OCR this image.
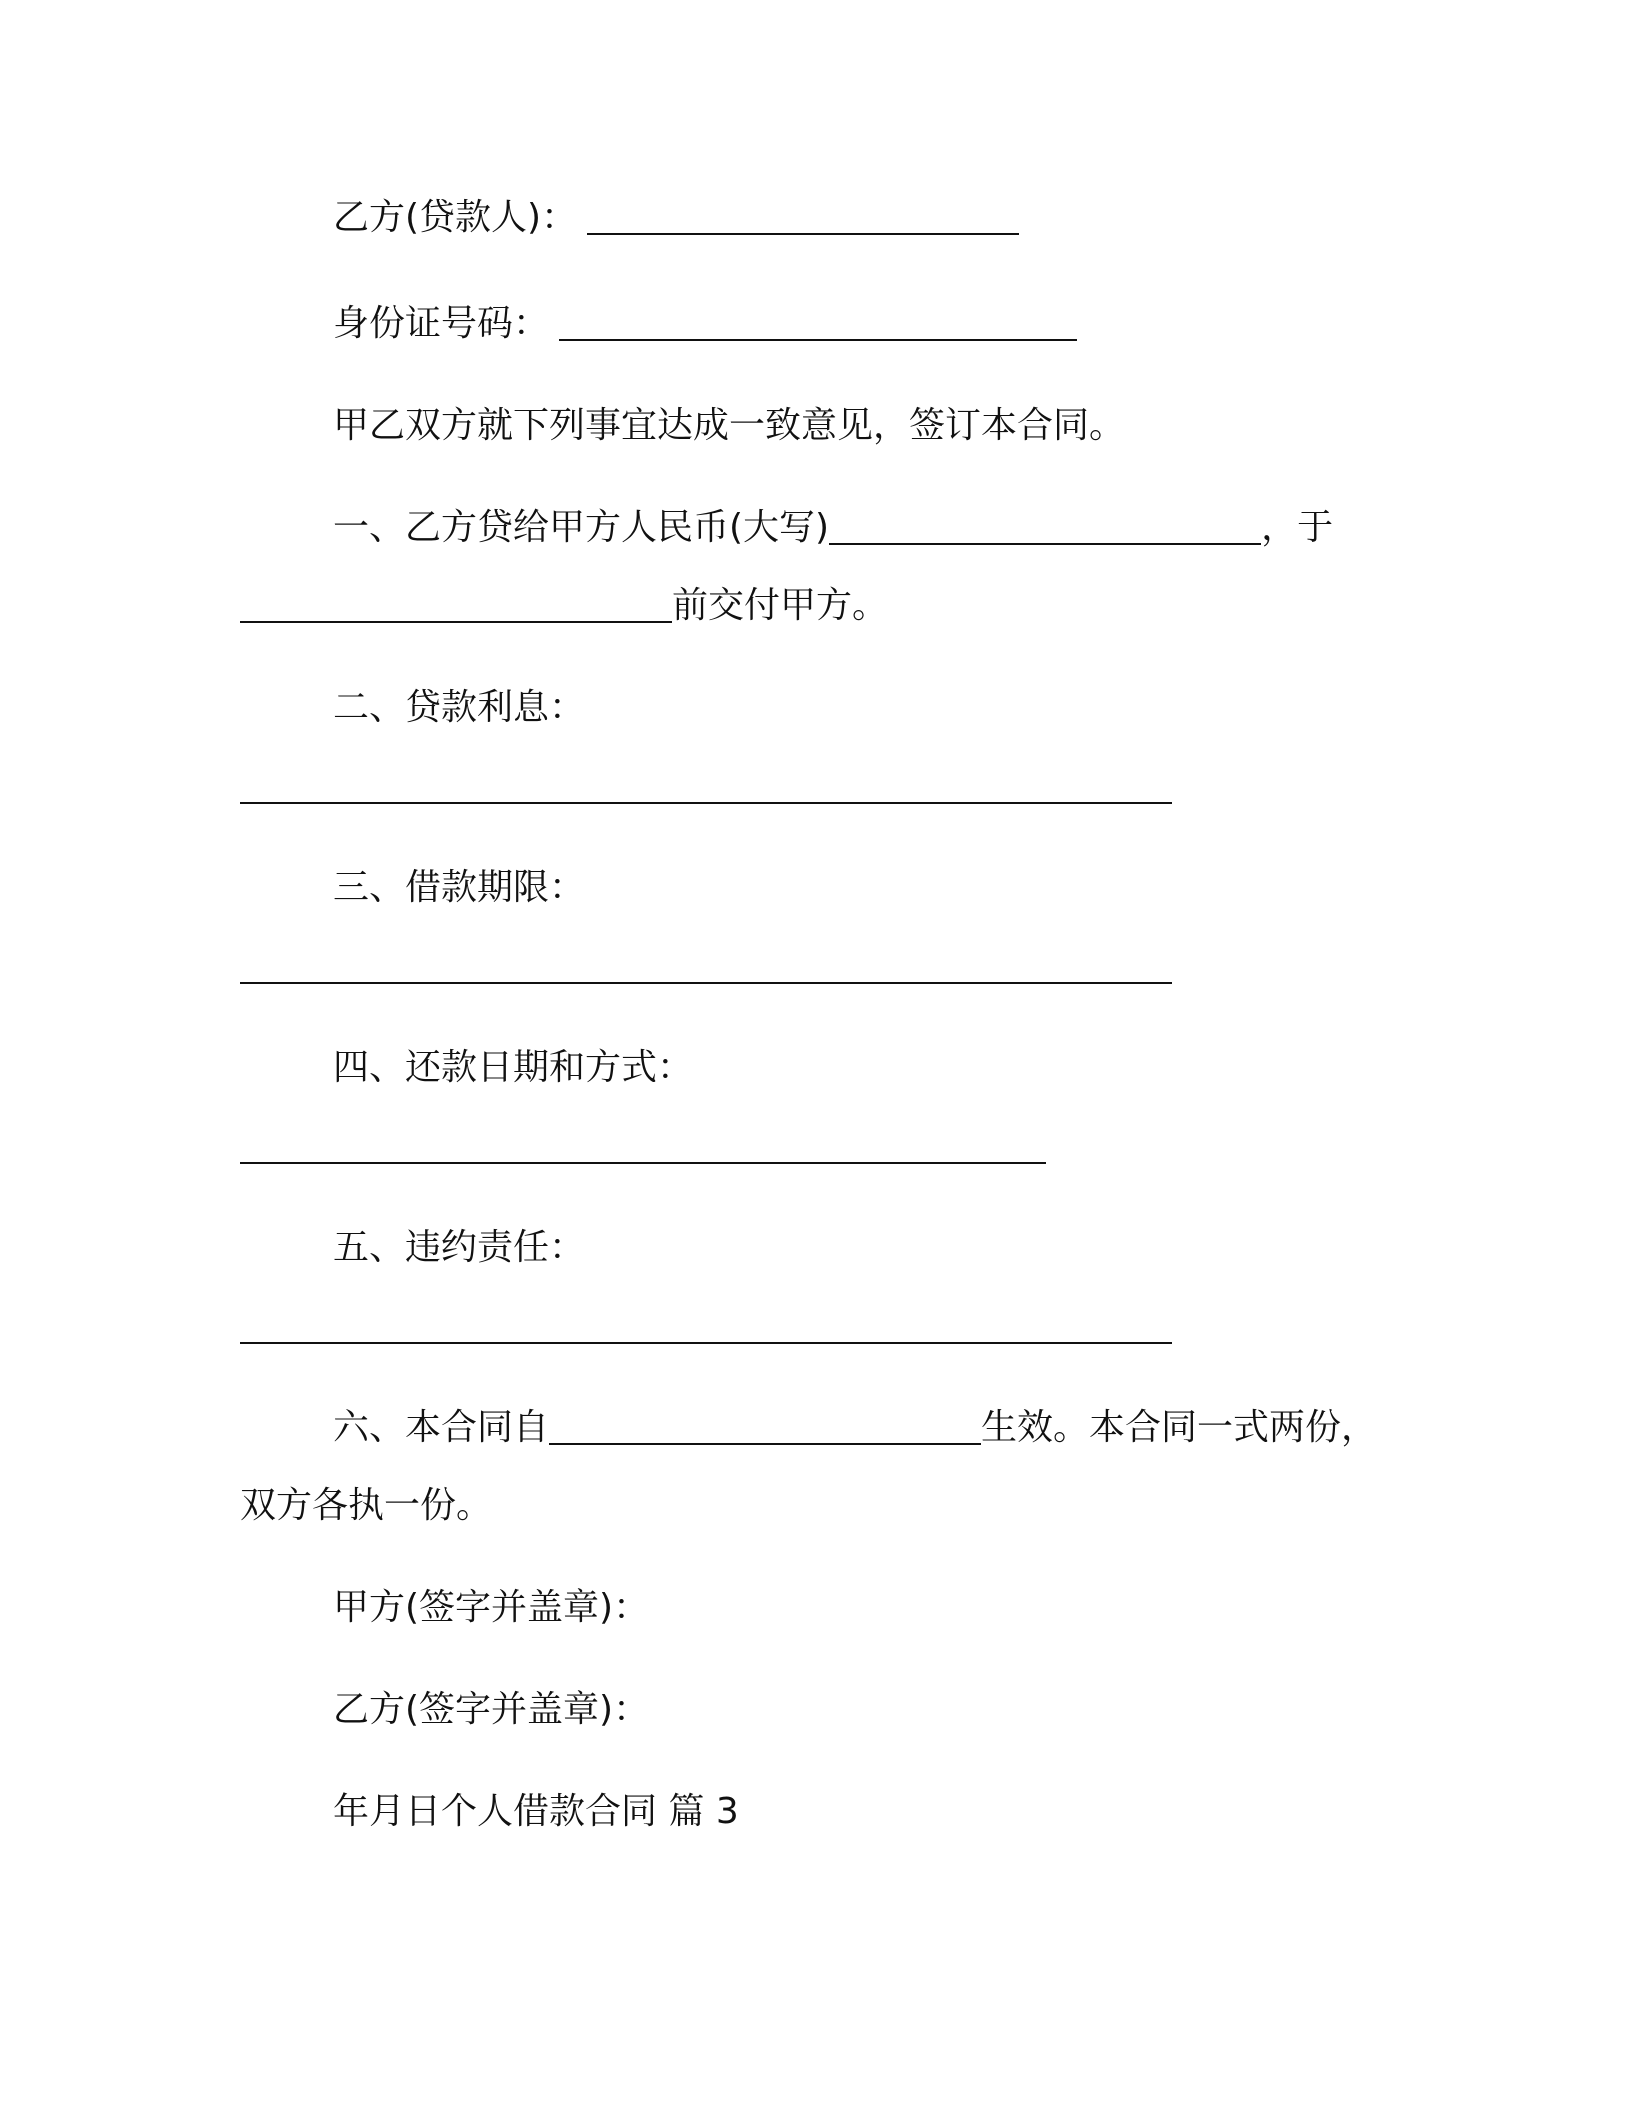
乙方(贷款人)：
身份证号码：
甲乙双方就下列事宜达成一致意见，签订本合同。
一、乙方贷给甲方人民币(大写)	，于
前交付甲方。
二、贷款利息：
三、借款期限：
四、还款日期和方式：
五、违约责任：
六、本合同自	生效。本合同一式两份，
双方各执一份。
甲方(签字并盖章)：
乙方(签字并盖章)：
年月日个人借款合同 篇 3
